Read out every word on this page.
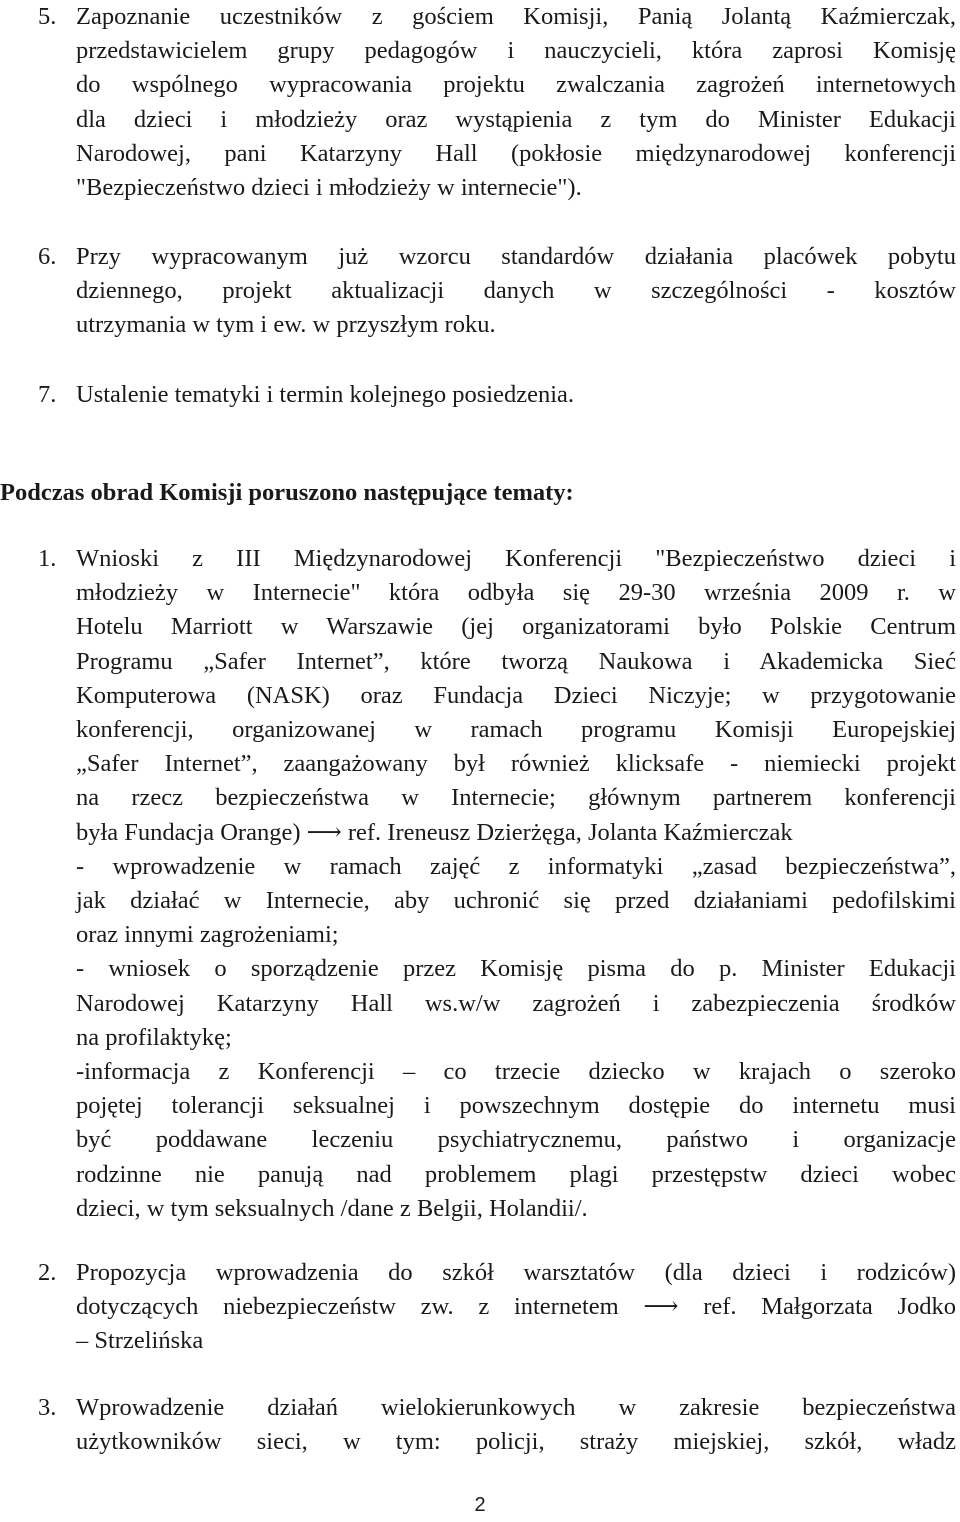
5. Zapoznanie uczestników z gościem Komisji, Panią Jolantą Kaźmierczak,
przedstawicielem grupy pedagogów i nauczycieli, która zaprosi Komisję
do wspólnego wypracowania projektu zwalczania zagrożeń internetowych
dla dzieci i młodzieży oraz wystąpienia z tym do Minister Edukacji
Narodowej, pani Katarzyny Hall (pokłosie międzynarodowej konferencji
"Bezpieczeństwo dzieci i młodzieży w internecie").
6. Przy wypracowanym już wzorcu standardów działania placówek pobytu
dziennego, projekt aktualizacji danych w szczególności - kosztów
utrzymania w tym i ew. w przyszłym roku.
7. Ustalenie tematyki i termin kolejnego posiedzenia.
Podczas obrad Komisji poruszono następujące tematy:
1. Wnioski z III Międzynarodowej Konferencji "Bezpieczeństwo dzieci i
młodzieży w Internecie" która odbyła się 29-30 września 2009 r. w
Hotelu Marriott w Warszawie (jej organizatorami było Polskie Centrum
Programu „Safer Internet”, które tworzą Naukowa i Akademicka Sieć
Komputerowa (NASK) oraz Fundacja Dzieci Niczyje; w przygotowanie
konferencji, organizowanej w ramach programu Komisji Europejskiej
„Safer Internet”, zaangażowany był również klicksafe - niemiecki projekt
na rzecz bezpieczeństwa w Internecie; głównym partnerem konferencji
była Fundacja Orange) ⟶ ref. Ireneusz Dzierżęga, Jolanta Kaźmierczak
- wprowadzenie w ramach zajęć z informatyki „zasad bezpieczeństwa”,
jak działać w Internecie, aby uchronić się przed działaniami pedofilskimi
oraz innymi zagrożeniami;
- wniosek o sporządzenie przez Komisję pisma do p. Minister Edukacji
Narodowej Katarzyny Hall ws.w/w zagrożeń i zabezpieczenia środków
na profilaktykę;
-informacja z Konferencji – co trzecie dziecko w krajach o szeroko
pojętej tolerancji seksualnej i powszechnym dostępie do internetu musi
być poddawane leczeniu psychiatrycznemu, państwo i organizacje
rodzinne nie panują nad problemem plagi przestępstw dzieci wobec
dzieci, w tym seksualnych /dane z Belgii, Holandii/.
2. Propozycja wprowadzenia do szkół warsztatów (dla dzieci i rodziców)
dotyczących niebezpieczeństw zw. z internetem ⟶ ref. Małgorzata Jodko
– Strzelińska
3. Wprowadzenie działań wielokierunkowych w zakresie bezpieczeństwa
użytkowników sieci, w tym: policji, straży miejskiej, szkół, władz
2
